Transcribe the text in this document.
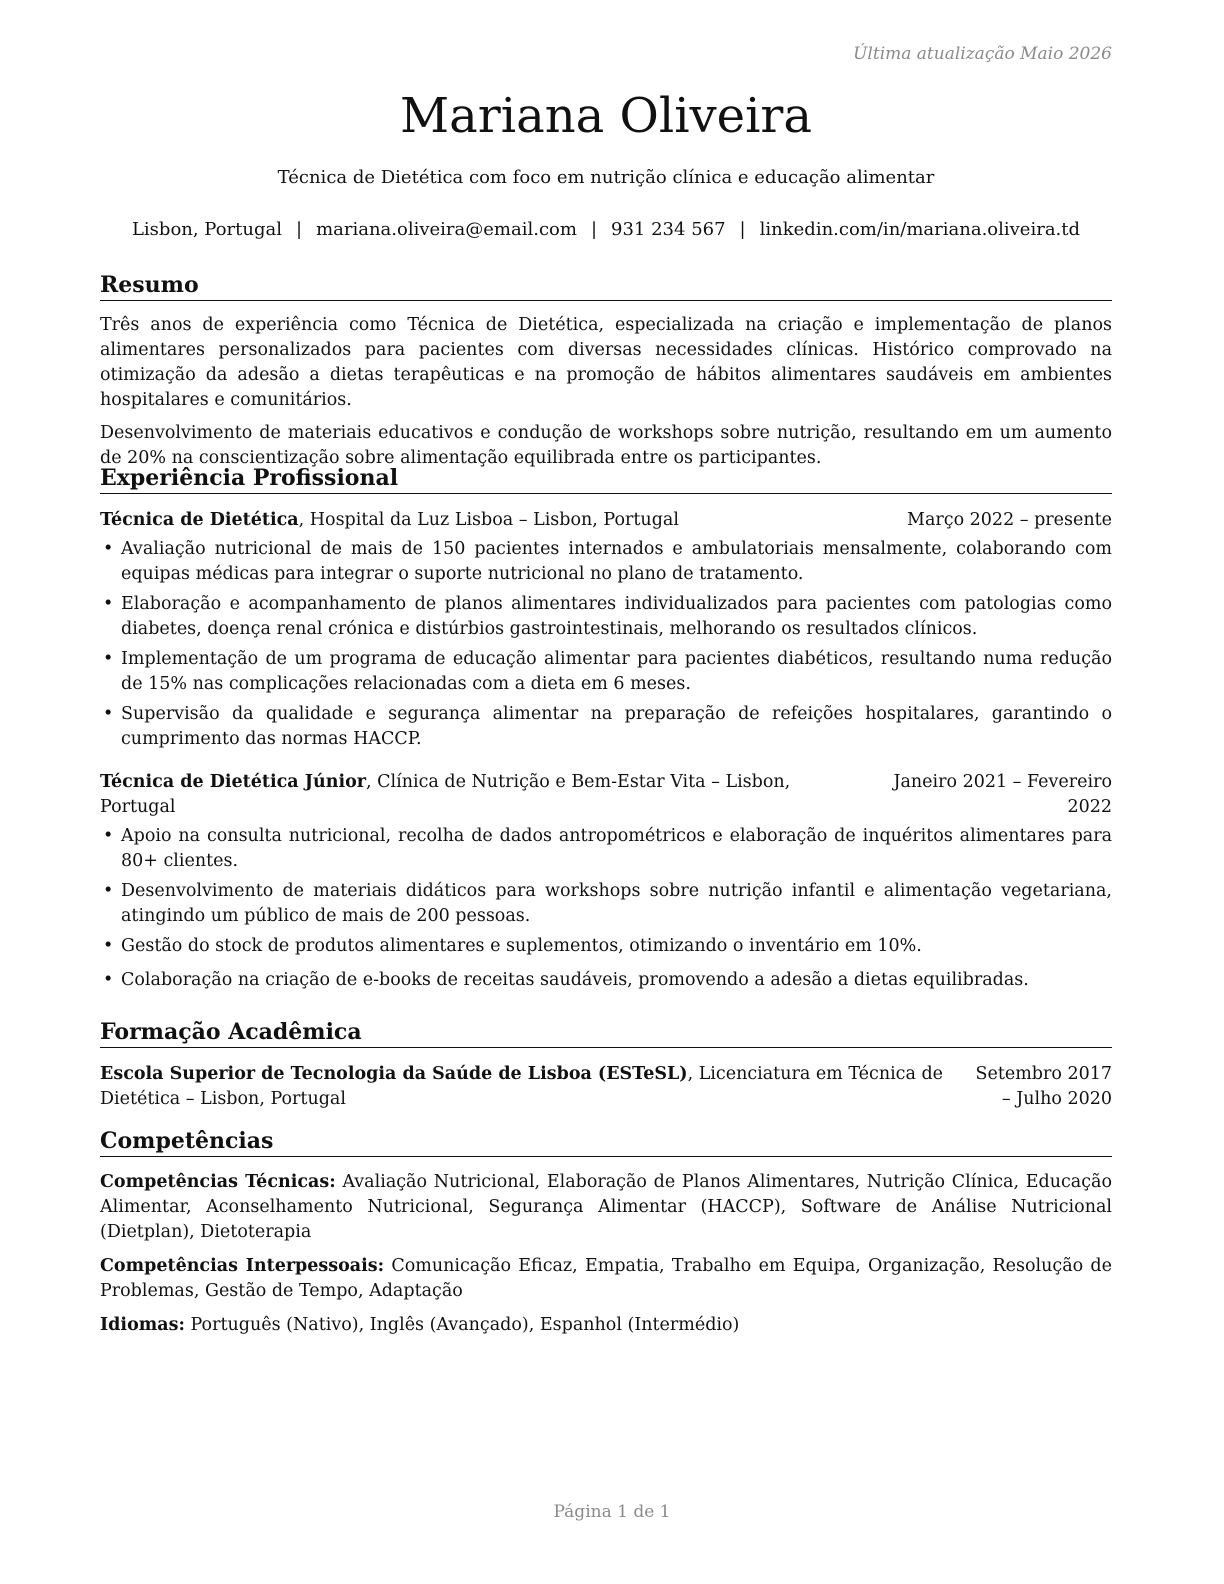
Última atualização Maio 2026
Mariana Oliveira
Técnica de Dietética com foco em nutrição clínica e educação alimentar
Lisbon, Portugal | mariana.oliveira@email.com | 931 234 567 | linkedin.com/in/mariana.oliveira.td
Resumo
Três anos de experiência como Técnica de Dietética, especializada na criação e implementação de planos alimentares personalizados para pacientes com diversas necessidades clínicas. Histórico comprovado na otimização da adesão a dietas terapêuticas e na promoção de hábitos alimentares saudáveis em ambientes hospitalares e comunitários.
Desenvolvimento de materiais educativos e condução de workshops sobre nutrição, resultando em um aumento de 20% na conscientização sobre alimentação equilibrada entre os participantes.
Experiência Profissional
Técnica de Dietética, Hospital da Luz Lisboa – Lisbon, Portugal	Março 2022 – presente
• Avaliação nutricional de mais de 150 pacientes internados e ambulatoriais mensalmente, colaborando com equipas médicas para integrar o suporte nutricional no plano de tratamento.
• Elaboração e acompanhamento de planos alimentares individualizados para pacientes com patologias como diabetes, doença renal crónica e distúrbios gastrointestinais, melhorando os resultados clínicos.
• Implementação de um programa de educação alimentar para pacientes diabéticos, resultando numa redução de 15% nas complicações relacionadas com a dieta em 6 meses.
• Supervisão da qualidade e segurança alimentar na preparação de refeições hospitalares, garantindo o cumprimento das normas HACCP.
Técnica de Dietética Júnior, Clínica de Nutrição e Bem-Estar Vita – Lisbon, Portugal
Janeiro 2021 – Fevereiro 2022
• Apoio na consulta nutricional, recolha de dados antropométricos e elaboração de inquéritos alimentares para 80+ clientes.
• Desenvolvimento de materiais didáticos para workshops sobre nutrição infantil e alimentação vegetariana, atingindo um público de mais de 200 pessoas.
• Gestão do stock de produtos alimentares e suplementos, otimizando o inventário em 10%.
• Colaboração na criação de e-books de receitas saudáveis, promovendo a adesão a dietas equilibradas.
Formação Acadêmica
Escola Superior de Tecnologia da Saúde de Lisboa (ESTeSL), Licenciatura em Técnica de Dietética – Lisbon, Portugal
Setembro 2017 – Julho 2020
Competências
Competências Técnicas: Avaliação Nutricional, Elaboração de Planos Alimentares, Nutrição Clínica, Educação Alimentar, Aconselhamento Nutricional, Segurança Alimentar (HACCP), Software de Análise Nutricional (Dietplan), Dietoterapia
Competências Interpessoais: Comunicação Eficaz, Empatia, Trabalho em Equipa, Organização, Resolução de Problemas, Gestão de Tempo, Adaptação
Idiomas: Português (Nativo), Inglês (Avançado), Espanhol (Intermédio)
Página 1 de 1
